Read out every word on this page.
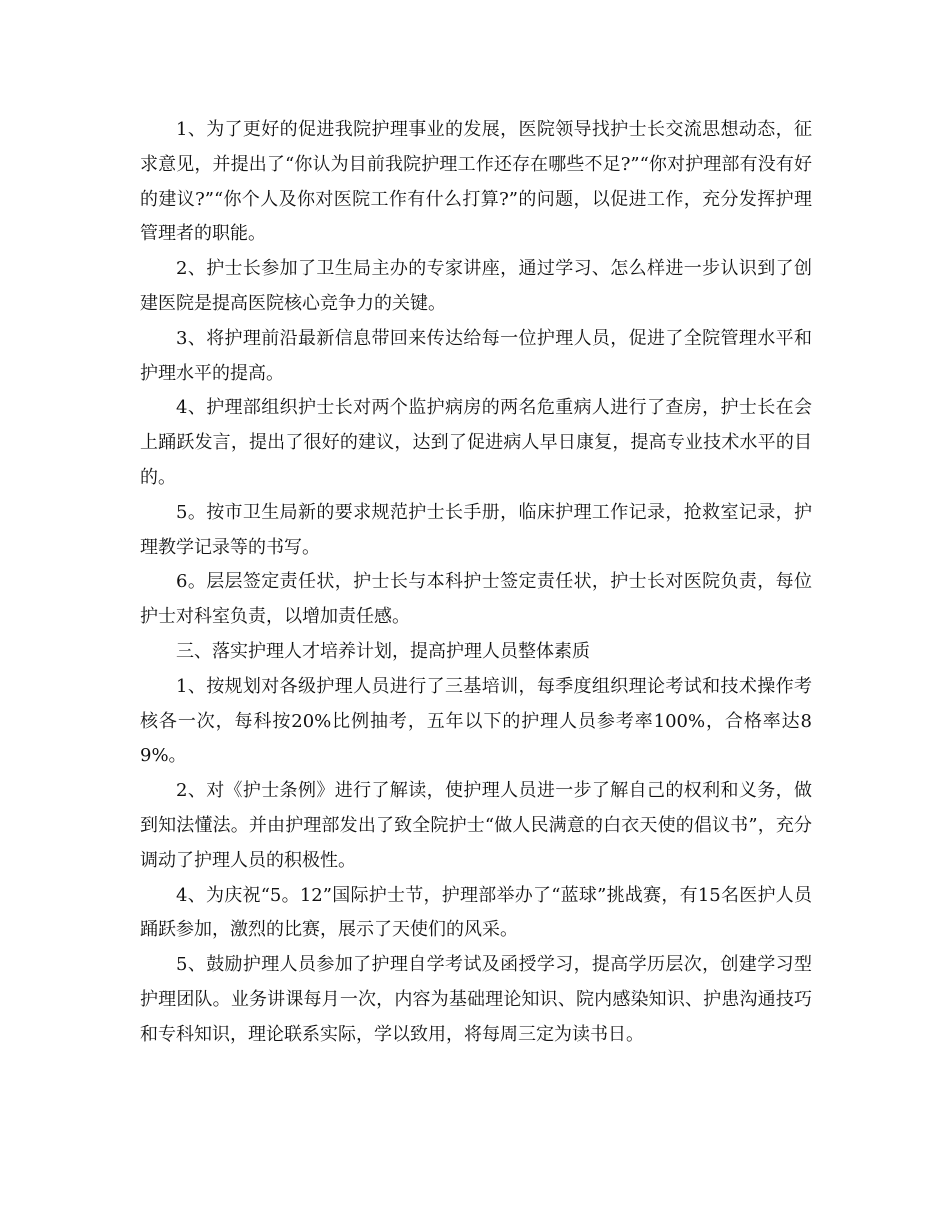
1、为了更好的促进我院护理事业的发展，医院领导找护士长交流思想动态，征求意见，并提出了“你认为目前我院护理工作还存在哪些不足?”“你对护理部有没有好的建议?”“你个人及你对医院工作有什么打算?”的问题，以促进工作，充分发挥护理管理者的职能。

2、护士长参加了卫生局主办的专家讲座，通过学习、怎么样进一步认识到了创建医院是提高医院核心竞争力的关键。

3、将护理前沿最新信息带回来传达给每一位护理人员，促进了全院管理水平和护理水平的提高。

4、护理部组织护士长对两个监护病房的两名危重病人进行了查房，护士长在会上踊跃发言，提出了很好的建议，达到了促进病人早日康复，提高专业技术水平的目的。

5。按市卫生局新的要求规范护士长手册，临床护理工作记录，抢救室记录，护理教学记录等的书写。

6。层层签定责任状，护士长与本科护士签定责任状，护士长对医院负责，每位护士对科室负责，以增加责任感。

三、落实护理人才培养计划，提高护理人员整体素质

1、按规划对各级护理人员进行了三基培训，每季度组织理论考试和技术操作考核各一次，每科按20%比例抽考，五年以下的护理人员参考率100%，合格率达89%。

2、对《护士条例》进行了解读，使护理人员进一步了解自己的权利和义务，做到知法懂法。并由护理部发出了致全院护士“做人民满意的白衣天使的倡议书”，充分调动了护理人员的积极性。

4、为庆祝“5。12”国际护士节，护理部举办了“蓝球”挑战赛，有15名医护人员踊跃参加，激烈的比赛，展示了天使们的风采。

5、鼓励护理人员参加了护理自学考试及函授学习，提高学历层次，创建学习型护理团队。业务讲课每月一次，内容为基础理论知识、院内感染知识、护患沟通技巧和专科知识，理论联系实际，学以致用，将每周三定为读书日。
